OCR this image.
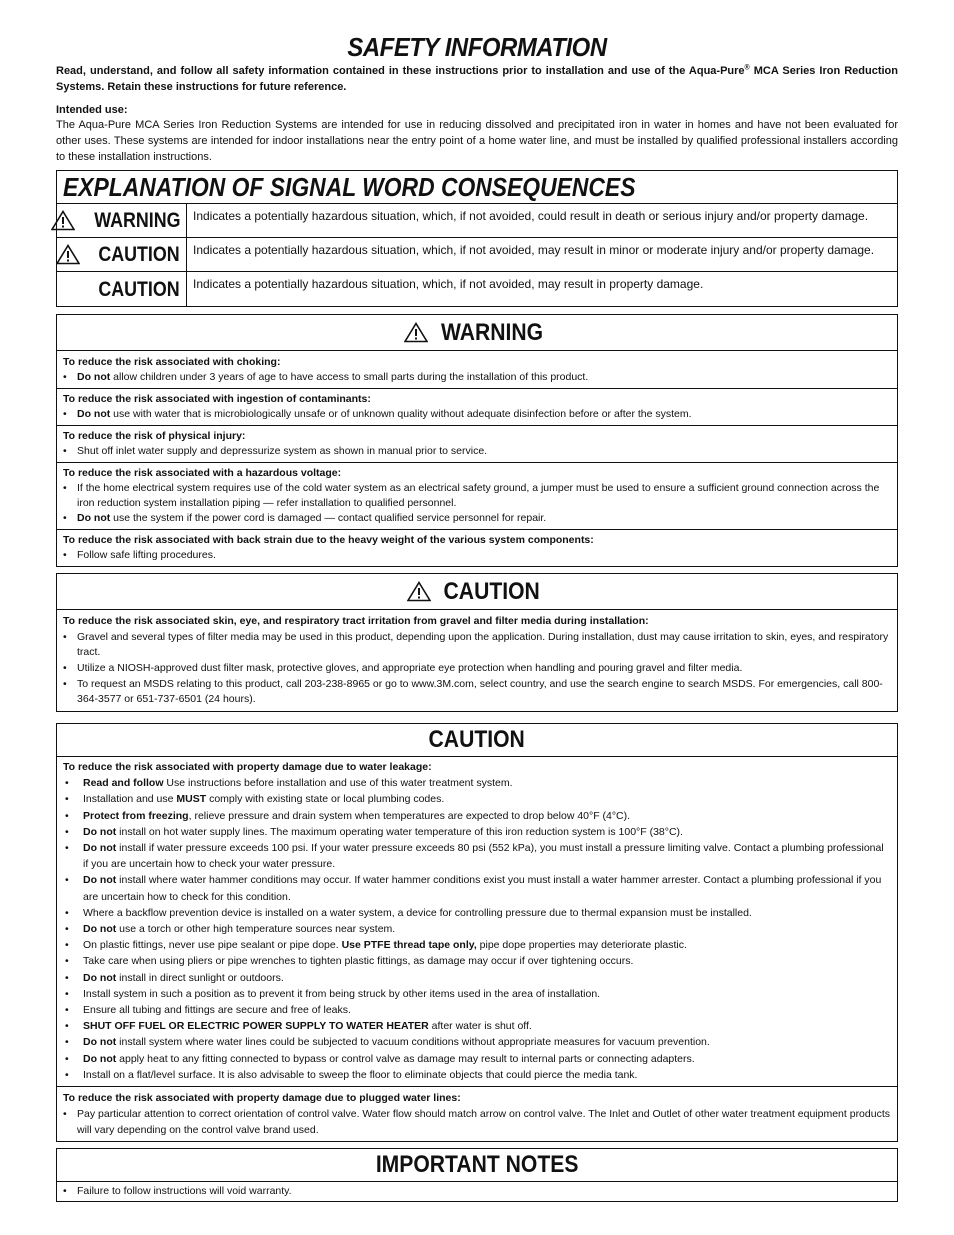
SAFETY INFORMATION
Read, understand, and follow all safety information contained in these instructions prior to installation and use of the Aqua-Pure® MCA Series Iron Reduction Systems. Retain these instructions for future reference.
Intended use:
The Aqua-Pure MCA Series Iron Reduction Systems are intended for use in reducing dissolved and precipitated iron in water in homes and have not been evaluated for other uses. These systems are intended for indoor installations near the entry point of a home water line, and must be installed by qualified professional installers according to these installation instructions.
EXPLANATION OF SIGNAL WORD CONSEQUENCES
WARNING	Indicates a potentially hazardous situation, which, if not avoided, could result in death or serious injury and/or property damage.
CAUTION	Indicates a potentially hazardous situation, which, if not avoided, may result in minor or moderate injury and/or property damage.
CAUTION	Indicates a potentially hazardous situation, which, if not avoided, may result in property damage.
WARNING
To reduce the risk associated with choking:
• Do not allow children under 3 years of age to have access to small parts during the installation of this product.
To reduce the risk associated with ingestion of contaminants:
• Do not use with water that is microbiologically unsafe or of unknown quality without adequate disinfection before or after the system.
To reduce the risk of physical injury:
• Shut off inlet water supply and depressurize system as shown in manual prior to service.
To reduce the risk associated with a hazardous voltage:
• If the home electrical system requires use of the cold water system as an electrical safety ground, a jumper must be used to ensure a sufficient ground connection across the iron reduction system installation piping — refer installation to qualified personnel.
• Do not use the system if the power cord is damaged — contact qualified service personnel for repair.
To reduce the risk associated with back strain due to the heavy weight of the various system components:
• Follow safe lifting procedures.
CAUTION
To reduce the risk associated skin, eye, and respiratory tract irritation from gravel and filter media during installation:
• Gravel and several types of filter media may be used in this product, depending upon the application. During installation, dust may cause irritation to skin, eyes, and respiratory tract.
• Utilize a NIOSH-approved dust filter mask, protective gloves, and appropriate eye protection when handling and pouring gravel and filter media.
• To request an MSDS relating to this product, call 203-238-8965 or go to www.3M.com, select country, and use the search engine to search MSDS. For emergencies, call 800-364-3577 or 651-737-6501 (24 hours).
CAUTION
To reduce the risk associated with property damage due to water leakage:
•	Read and follow Use instructions before installation and use of this water treatment system.
•	Installation and use MUST comply with existing state or local plumbing codes.
•	Protect from freezing, relieve pressure and drain system when temperatures are expected to drop below 40°F (4°C).
•	Do not install on hot water supply lines. The maximum operating water temperature of this iron reduction system is 100°F (38°C).
•	Do not install if water pressure exceeds 100 psi. If your water pressure exceeds 80 psi (552 kPa), you must install a pressure limiting valve. Contact a plumbing professional if you are uncertain how to check your water pressure.
•	Do not install where water hammer conditions may occur. If water hammer conditions exist you must install a water hammer arrester. Contact a plumbing professional if you are uncertain how to check for this condition.
•	Where a backflow prevention device is installed on a water system, a device for controlling pressure due to thermal expansion must be installed.
•	Do not use a torch or other high temperature sources near system.
•	On plastic fittings, never use pipe sealant or pipe dope. Use PTFE thread tape only, pipe dope properties may deteriorate plastic.
•	Take care when using pliers or pipe wrenches to tighten plastic fittings, as damage may occur if over tightening occurs.
•	Do not install in direct sunlight or outdoors.
•	Install system in such a position as to prevent it from being struck by other items used in the area of installation.
•	Ensure all tubing and fittings are secure and free of leaks.
•	SHUT OFF FUEL OR ELECTRIC POWER SUPPLY TO WATER HEATER after water is shut off.
•	Do not install system where water lines could be subjected to vacuum conditions without appropriate measures for vacuum prevention.
•	Do not apply heat to any fitting connected to bypass or control valve as damage may result to internal parts or connecting adapters.
•	Install on a flat/level surface. It is also advisable to sweep the floor to eliminate objects that could pierce the media tank.
To reduce the risk associated with property damage due to plugged water lines:
• Pay particular attention to correct orientation of control valve. Water flow should match arrow on control valve. The Inlet and Outlet of other water treatment equipment products will vary depending on the control valve brand used.
IMPORTANT NOTES
• Failure to follow instructions will void warranty.
